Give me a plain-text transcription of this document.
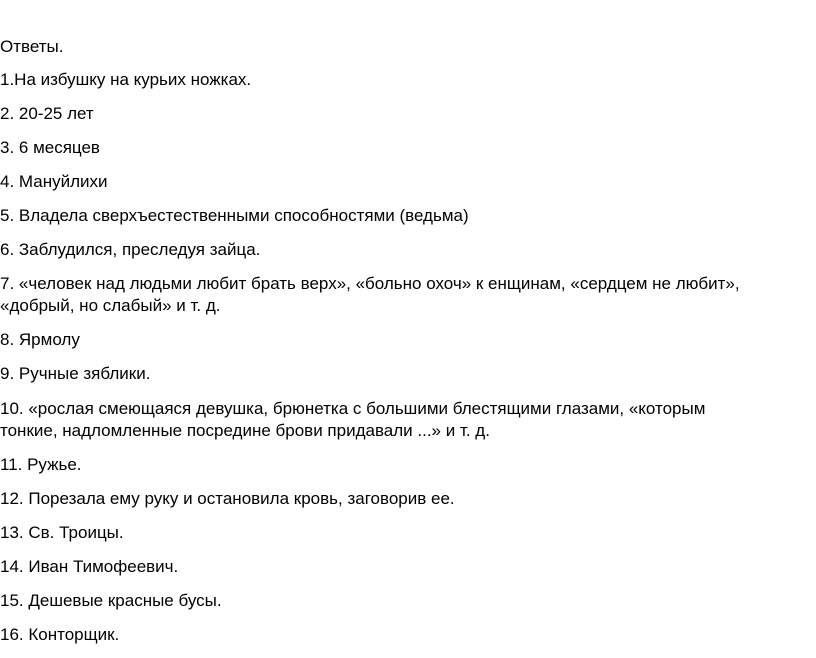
Ответы.

1.На избушку на курьих ножках.

2. 20-25 лет

3. 6 месяцев

4. Мануйлихи

5. Владела сверхъестественными способностями (ведьма)

6. Заблудился, преследуя зайца.

7. «человек над людьми любит брать верх», «больно охоч» к енщинам, «сердцем не любит»,

«добрый, но слабый» и т. д.

8. Ярмолу

9. Ручные зяблики.

10. «рослая смеющаяся девушка, брюнетка с большими блестящими глазами, «которым

тонкие, надломленные посредине брови придавали ...» и т. д.

11. Ружье.

12. Порезала ему руку и остановила кровь, заговорив ее.

13. Св. Троицы.

14. Иван Тимофеевич.

15. Дешевые красные бусы.

16. Конторщик.
